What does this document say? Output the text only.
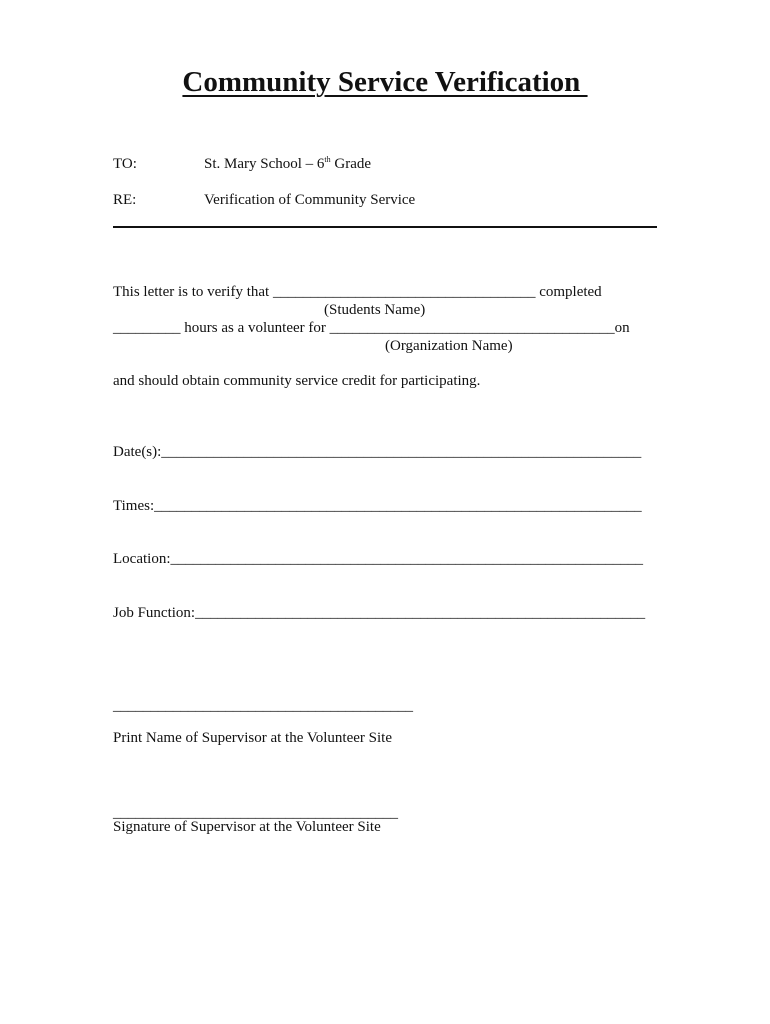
Community Service Verification
TO:	St. Mary School – 6th Grade
RE:	Verification of Community Service
This letter is to verify that ___________________________________ completed
(Students Name)
_________ hours as a volunteer for ______________________________________on
(Organization Name)
and should obtain community service credit for participating.
Date(s):________________________________________________________________
Times:_________________________________________________________________
Location:_______________________________________________________________
Job Function:____________________________________________________________
________________________________________
Print Name of Supervisor at the Volunteer Site
______________________________________
Signature of Supervisor at the Volunteer Site
